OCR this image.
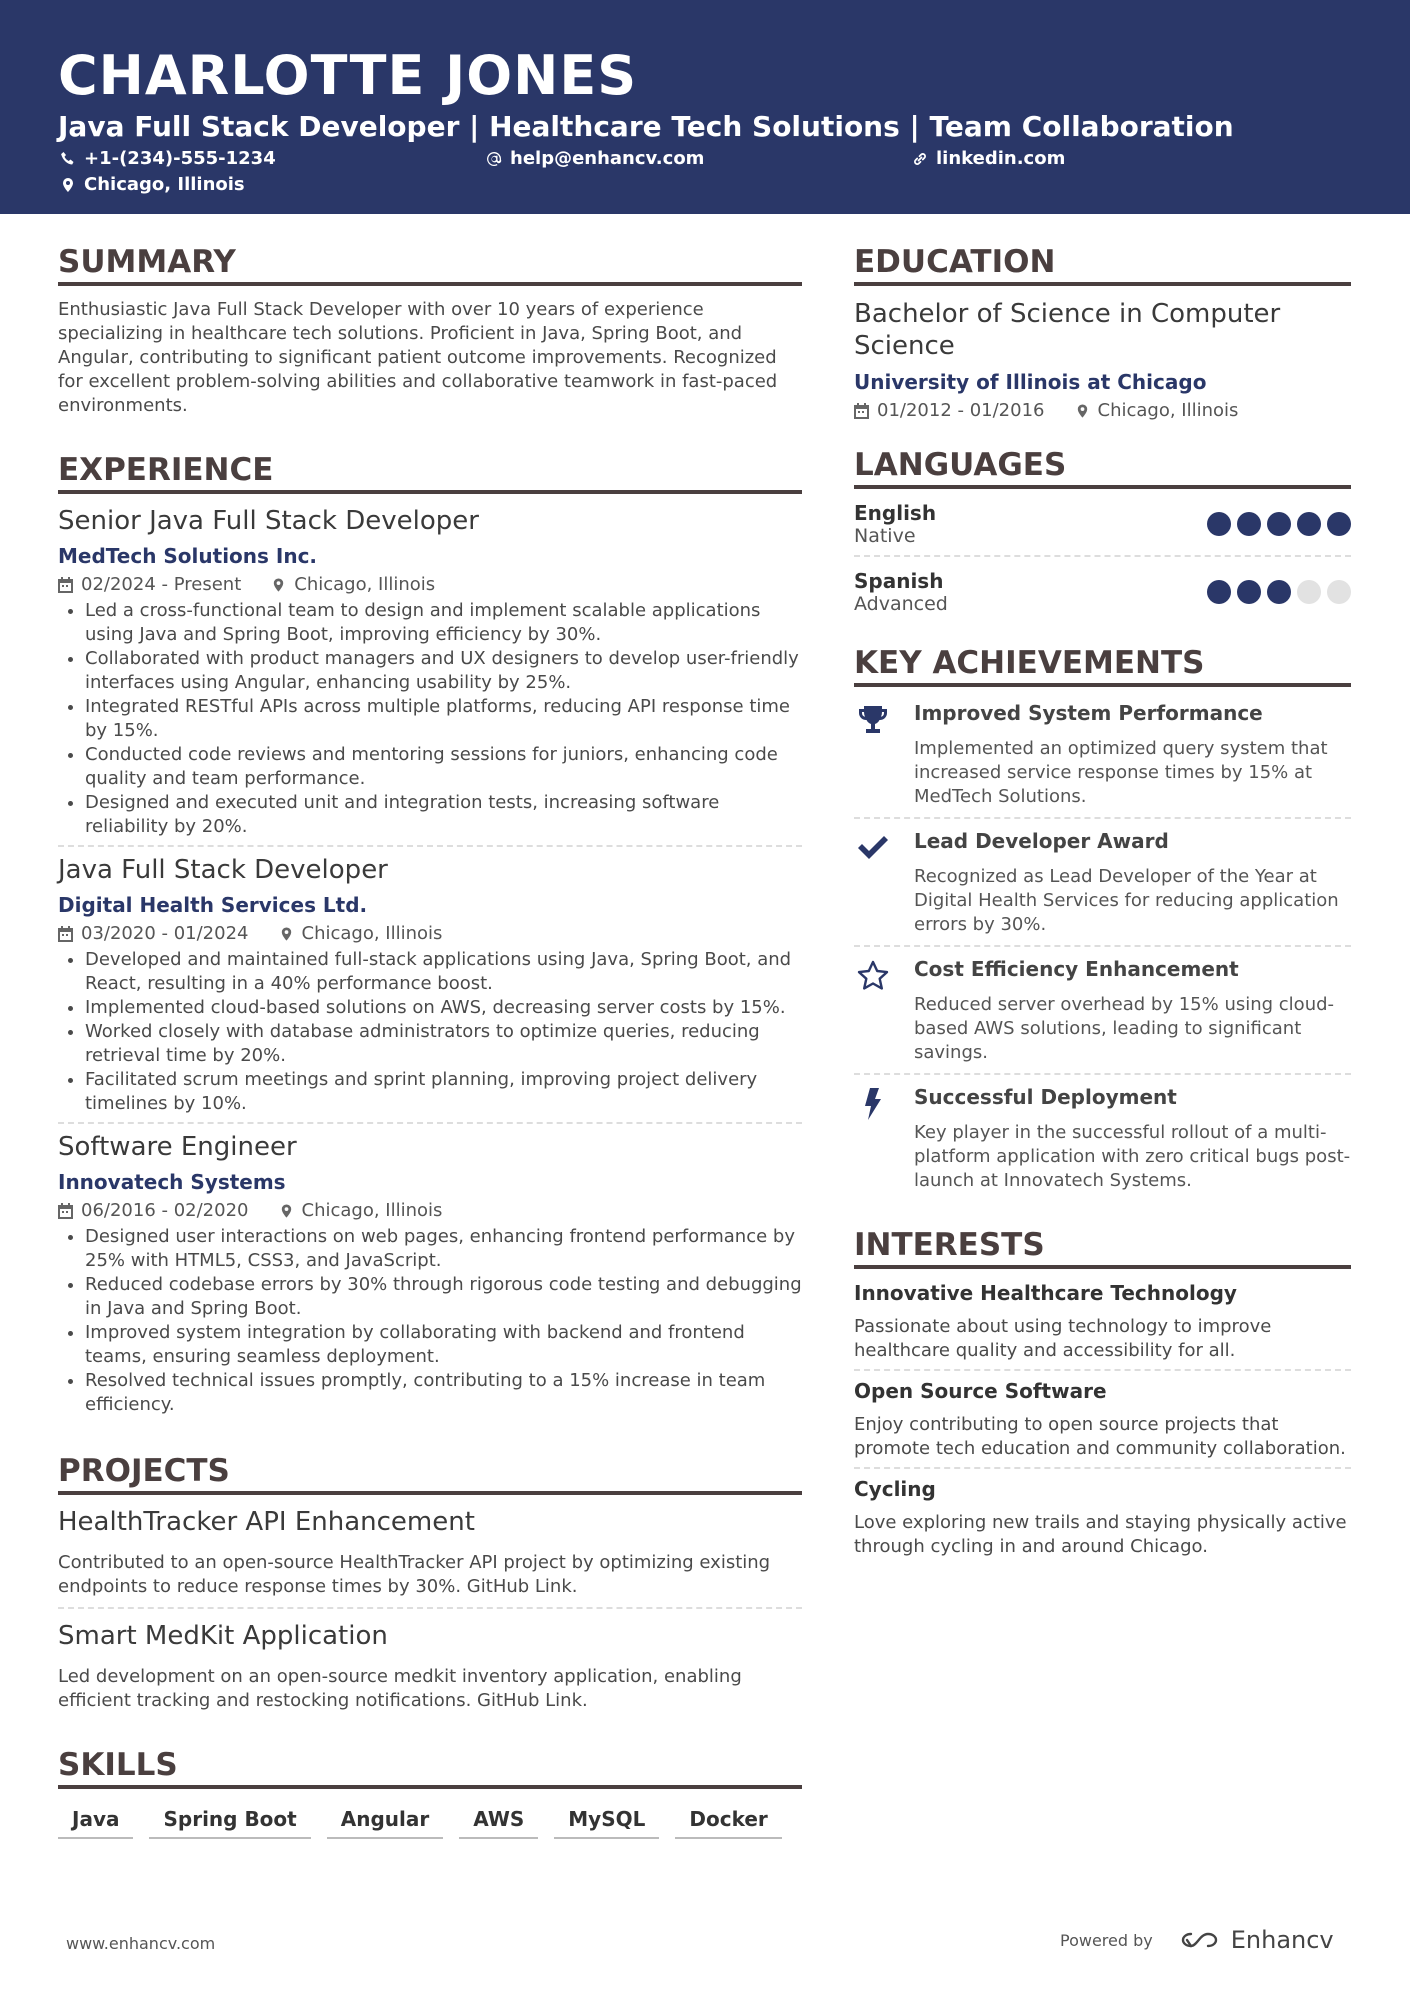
CHARLOTTE JONES
Java Full Stack Developer | Healthcare Tech Solutions | Team Collaboration
+1-(234)-555-1234	help@enhancv.com	linkedin.com
Chicago, Illinois
SUMMARY
Enthusiastic Java Full Stack Developer with over 10 years of experience specializing in healthcare tech solutions. Proficient in Java, Spring Boot, and Angular, contributing to significant patient outcome improvements. Recognized for excellent problem-solving abilities and collaborative teamwork in fast-paced environments.
EXPERIENCE
Senior Java Full Stack Developer
MedTech Solutions Inc.
02/2024 - Present	Chicago, Illinois
• Led a cross-functional team to design and implement scalable applications using Java and Spring Boot, improving efficiency by 30%.
• Collaborated with product managers and UX designers to develop user-friendly interfaces using Angular, enhancing usability by 25%.
• Integrated RESTful APIs across multiple platforms, reducing API response time by 15%.
• Conducted code reviews and mentoring sessions for juniors, enhancing code quality and team performance.
• Designed and executed unit and integration tests, increasing software reliability by 20%.
Java Full Stack Developer
Digital Health Services Ltd.
03/2020 - 01/2024	Chicago, Illinois
• Developed and maintained full-stack applications using Java, Spring Boot, and React, resulting in a 40% performance boost.
• Implemented cloud-based solutions on AWS, decreasing server costs by 15%.
• Worked closely with database administrators to optimize queries, reducing retrieval time by 20%.
• Facilitated scrum meetings and sprint planning, improving project delivery timelines by 10%.
Software Engineer
Innovatech Systems
06/2016 - 02/2020	Chicago, Illinois
• Designed user interactions on web pages, enhancing frontend performance by 25% with HTML5, CSS3, and JavaScript.
• Reduced codebase errors by 30% through rigorous code testing and debugging in Java and Spring Boot.
• Improved system integration by collaborating with backend and frontend teams, ensuring seamless deployment.
• Resolved technical issues promptly, contributing to a 15% increase in team efficiency.
PROJECTS
HealthTracker API Enhancement
Contributed to an open-source HealthTracker API project by optimizing existing endpoints to reduce response times by 30%. GitHub Link.
Smart MedKit Application
Led development on an open-source medkit inventory application, enabling efficient tracking and restocking notifications. GitHub Link.
SKILLS
Java	Spring Boot	Angular	AWS	MySQL	Docker
EDUCATION
Bachelor of Science in Computer Science
University of Illinois at Chicago
01/2012 - 01/2016	Chicago, Illinois
LANGUAGES
English
Native
Spanish
Advanced
KEY ACHIEVEMENTS
Improved System Performance
Implemented an optimized query system that increased service response times by 15% at MedTech Solutions.
Lead Developer Award
Recognized as Lead Developer of the Year at Digital Health Services for reducing application errors by 30%.
Cost Efficiency Enhancement
Reduced server overhead by 15% using cloud-based AWS solutions, leading to significant savings.
Successful Deployment
Key player in the successful rollout of a multi-platform application with zero critical bugs post-launch at Innovatech Systems.
INTERESTS
Innovative Healthcare Technology
Passionate about using technology to improve healthcare quality and accessibility for all.
Open Source Software
Enjoy contributing to open source projects that promote tech education and community collaboration.
Cycling
Love exploring new trails and staying physically active through cycling in and around Chicago.
www.enhancv.com	Powered by	Enhancv
